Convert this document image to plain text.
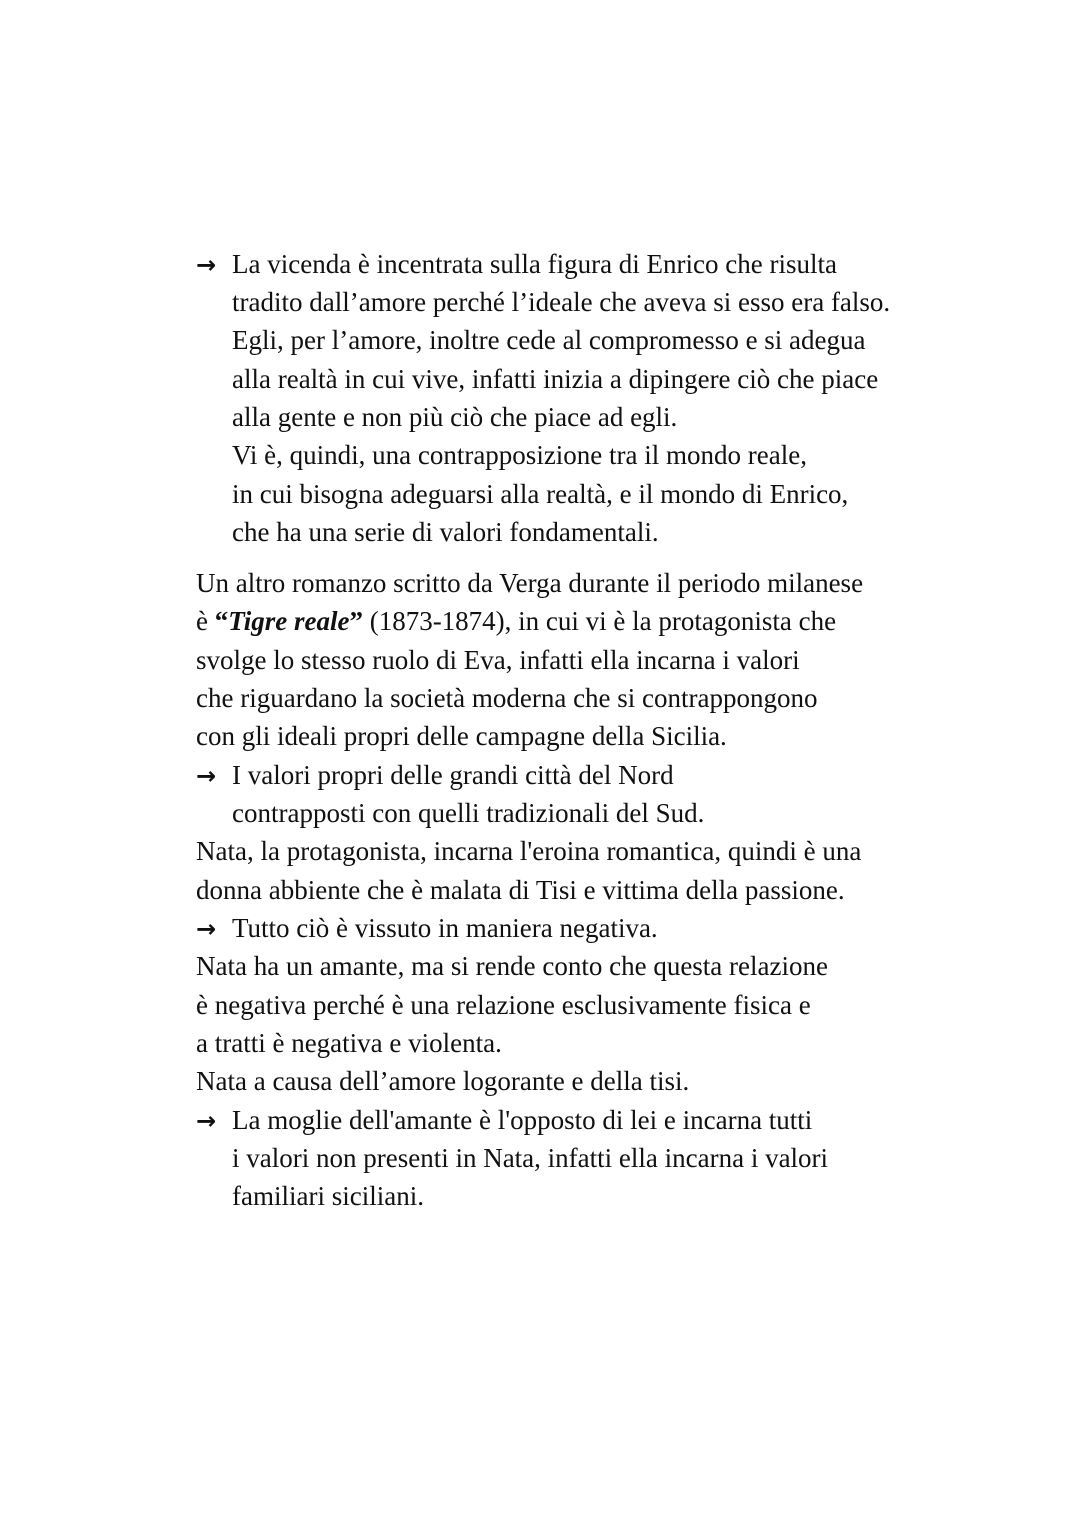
→ La vicenda è incentrata sulla figura di Enrico che risulta
tradito dall’amore perché l’ideale che aveva si esso era falso.
Egli, per l’amore, inoltre cede al compromesso e si adegua
alla realtà in cui vive, infatti inizia a dipingere ciò che piace
alla gente e non più ciò che piace ad egli.
Vi è, quindi, una contrapposizione tra il mondo reale,
in cui bisogna adeguarsi alla realtà, e il mondo di Enrico,
che ha una serie di valori fondamentali.
Un altro romanzo scritto da Verga durante il periodo milanese
è “Tigre reale” (1873-1874), in cui vi è la protagonista che
svolge lo stesso ruolo di Eva, infatti ella incarna i valori
che riguardano la società moderna che si contrappongono
con gli ideali propri delle campagne della Sicilia.
→ I valori propri delle grandi città del Nord
contrapposti con quelli tradizionali del Sud.
Nata, la protagonista, incarna l'eroina romantica, quindi è una
donna abbiente che è malata di Tisi e vittima della passione.
→ Tutto ciò è vissuto in maniera negativa.
Nata ha un amante, ma si rende conto che questa relazione
è negativa perché è una relazione esclusivamente fisica e
a tratti è negativa e violenta.
Nata a causa dell’amore logorante e della tisi.
→ La moglie dell'amante è l'opposto di lei e incarna tutti
i valori non presenti in Nata, infatti ella incarna i valori
familiari siciliani.
